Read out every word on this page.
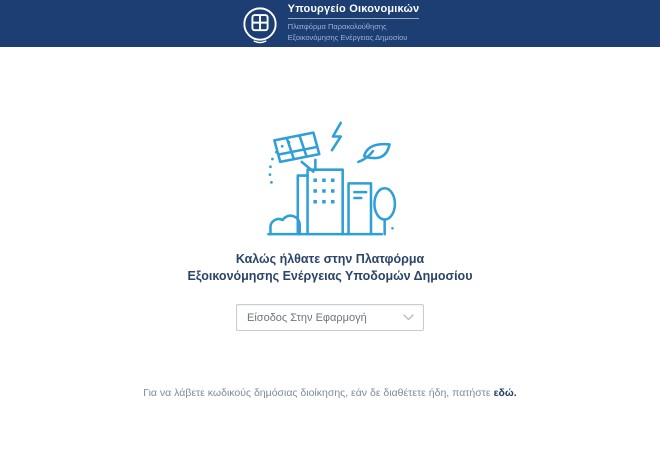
Υπουργείο Οικονομικών
Πλατφόρμα Παρακολούθησης
Εξοικονόμησης Ενέργειας Δημοσίου
Καλώς ήλθατε στην Πλατφόρμα
Εξοικονόμησης Ενέργειας Υποδομών Δημοσίου
Είσοδος Στην Εφαρμογή
Για να λάβετε κωδικούς δημόσιας διοίκησης, εάν δε διαθέτετε ήδη, πατήστε εδώ.
